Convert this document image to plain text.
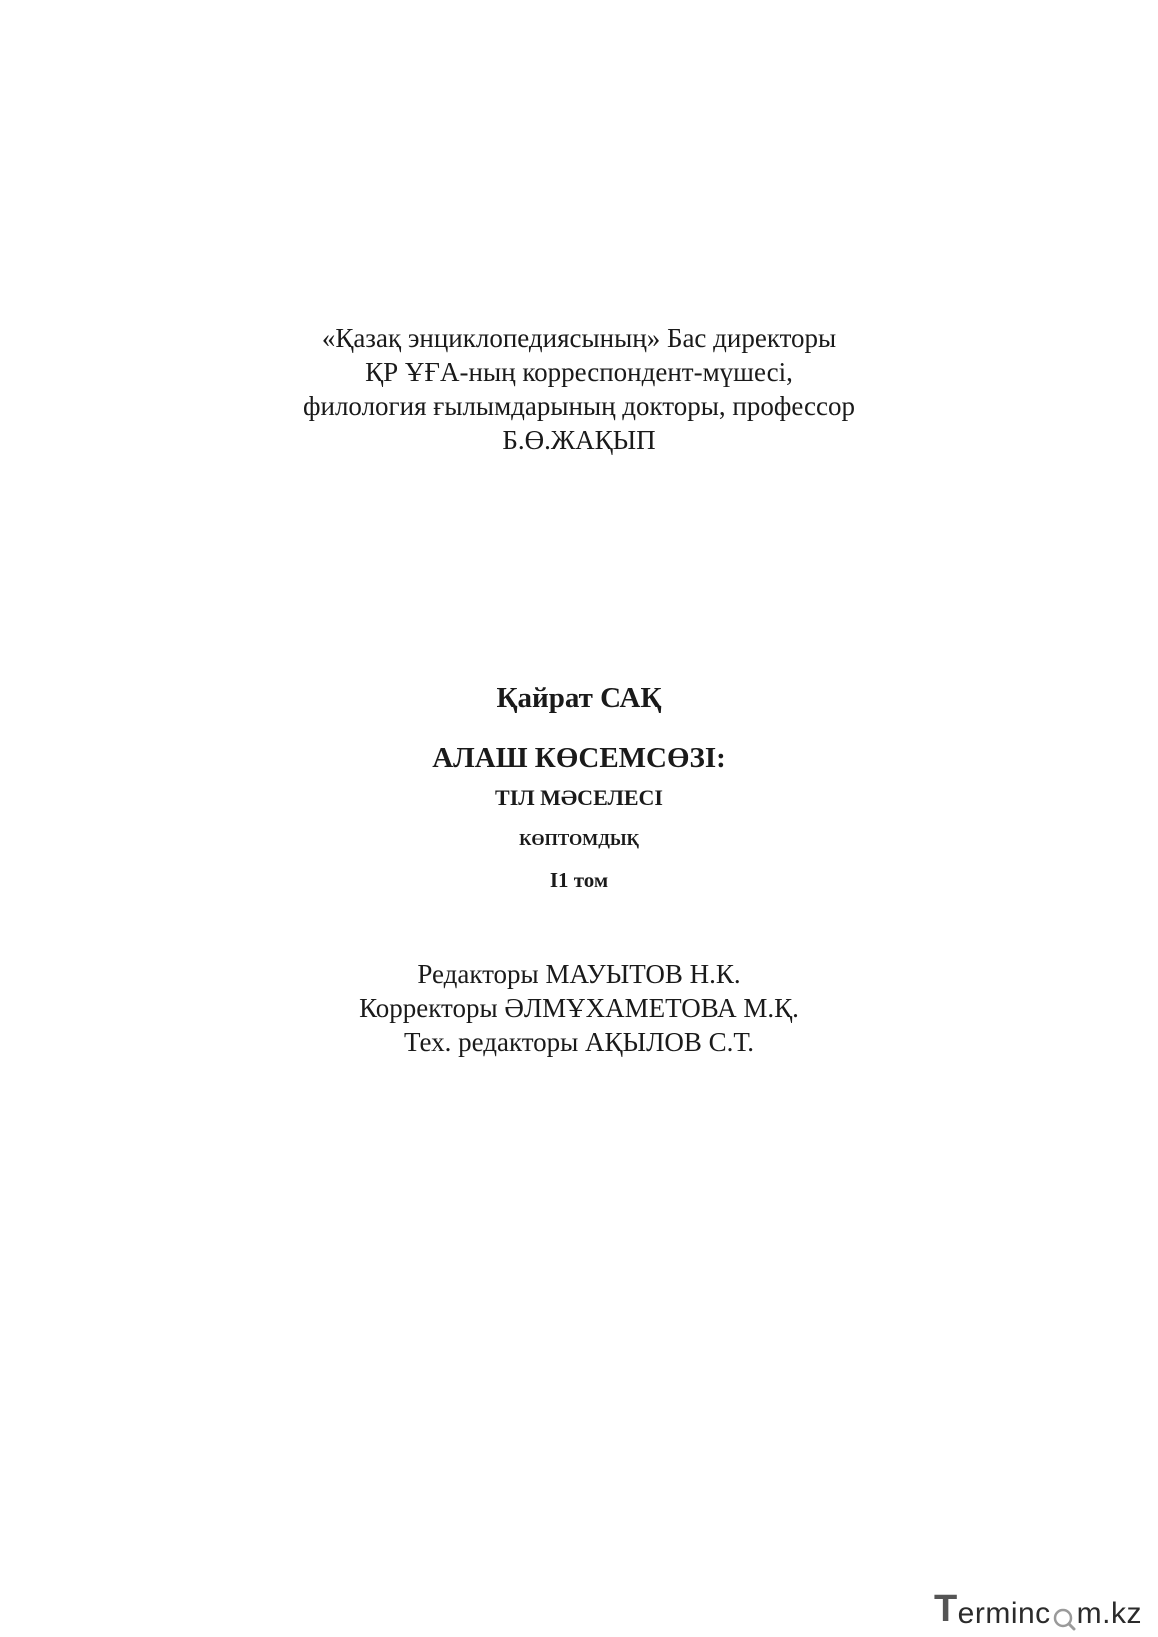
«Қазақ энциклопедиясының» Бас директоры
ҚР ҰҒА-ның корреспондент-мүшесі,
филология ғылымдарының докторы, профессор
Б.Ө.ЖАҚЫП
Қайрат САҚ
АЛАШ КӨСЕМСӨЗІ:
ТІЛ МӘСЕЛЕСІ
КӨПТОМДЫҚ
І1 том
Редакторы МАУЫТОВ Н.К.
Корректоры ӘЛМҰХАМЕТОВА М.Қ.
Тех. редакторы АҚЫЛОВ С.Т.
T erminc m.kz
